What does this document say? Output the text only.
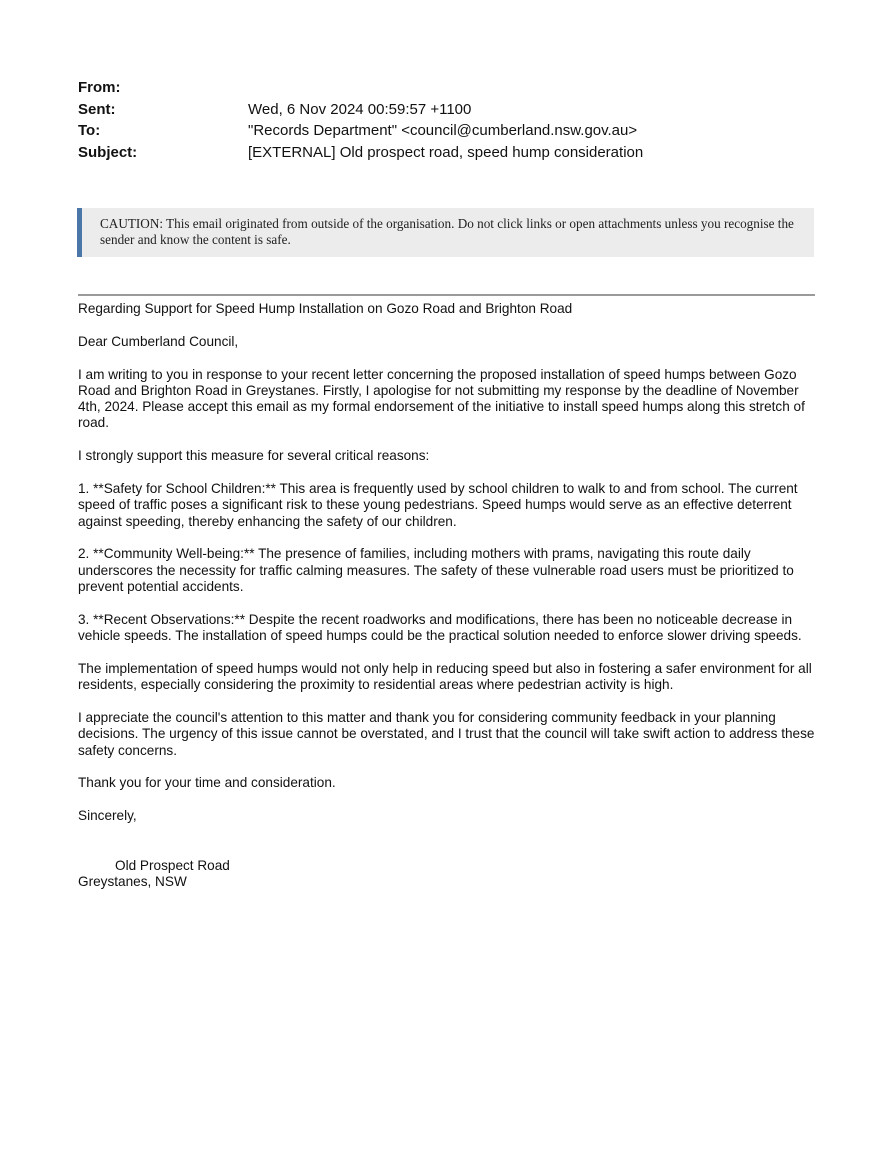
From:
Sent:	Wed, 6 Nov 2024 00:59:57 +1100
To:	"Records Department" <council@cumberland.nsw.gov.au>
Subject:	[EXTERNAL] Old prospect road, speed hump consideration
CAUTION: This email originated from outside of the organisation. Do not click links or open attachments unless you recognise the sender and know the content is safe.

Regarding Support for Speed Hump Installation on Gozo Road and Brighton Road

Dear Cumberland Council,

I am writing to you in response to your recent letter concerning the proposed installation of speed humps between Gozo Road and Brighton Road in Greystanes. Firstly, I apologise for not submitting my response by the deadline of November 4th, 2024. Please accept this email as my formal endorsement of the initiative to install speed humps along this stretch of road.

I strongly support this measure for several critical reasons:

1. **Safety for School Children:** This area is frequently used by school children to walk to and from school. The current speed of traffic poses a significant risk to these young pedestrians. Speed humps would serve as an effective deterrent against speeding, thereby enhancing the safety of our children.

2. **Community Well-being:** The presence of families, including mothers with prams, navigating this route daily underscores the necessity for traffic calming measures. The safety of these vulnerable road users must be prioritized to prevent potential accidents.

3. **Recent Observations:** Despite the recent roadworks and modifications, there has been no noticeable decrease in vehicle speeds. The installation of speed humps could be the practical solution needed to enforce slower driving speeds.

The implementation of speed humps would not only help in reducing speed but also in fostering a safer environment for all residents, especially considering the proximity to residential areas where pedestrian activity is high.

I appreciate the council's attention to this matter and thank you for considering community feedback in your planning decisions. The urgency of this issue cannot be overstated, and I trust that the council will take swift action to address these safety concerns.

Thank you for your time and consideration.

Sincerely,

Old Prospect Road
Greystanes, NSW
